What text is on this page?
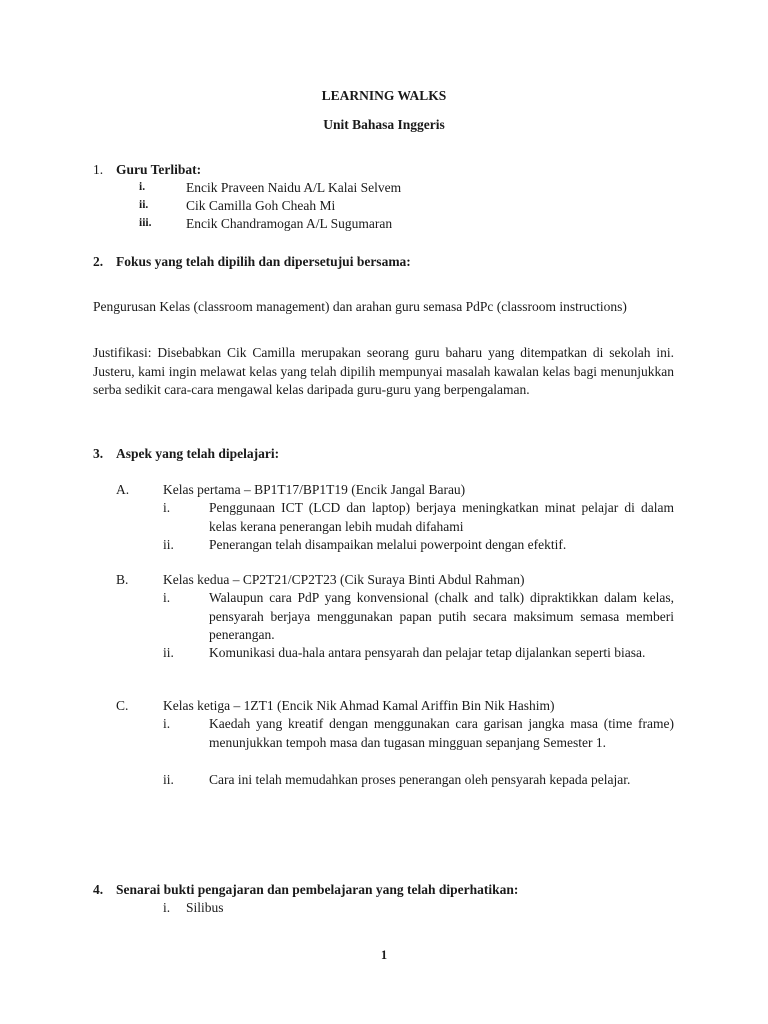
LEARNING WALKS
Unit Bahasa Inggeris
1. Guru Terlibat:
i.	Encik Praveen Naidu A/L Kalai Selvem
ii.	Cik Camilla Goh Cheah Mi
iii.	Encik Chandramogan A/L Sugumaran
2. Fokus yang telah dipilih dan dipersetujui bersama:
Pengurusan Kelas (classroom management) dan arahan guru semasa PdPc (classroom instructions)
Justifikasi: Disebabkan Cik Camilla merupakan seorang guru baharu yang ditempatkan di sekolah ini. Justeru, kami ingin melawat kelas yang telah dipilih mempunyai masalah kawalan kelas bagi menunjukkan serba sedikit cara-cara mengawal kelas daripada guru-guru yang berpengalaman.
3. Aspek yang telah dipelajari:
A.	Kelas pertama – BP1T17/BP1T19 (Encik Jangal Barau)
i.	Penggunaan ICT (LCD dan laptop) berjaya meningkatkan minat pelajar di dalam kelas kerana penerangan lebih mudah difahami
ii.	Penerangan telah disampaikan melalui powerpoint dengan efektif.
B.	Kelas kedua – CP2T21/CP2T23 (Cik Suraya Binti Abdul Rahman)
i.	Walaupun cara PdP yang konvensional (chalk and talk) dipraktikkan dalam kelas, pensyarah berjaya menggunakan papan putih secara maksimum semasa memberi penerangan.
ii.	Komunikasi dua-hala antara pensyarah dan pelajar tetap dijalankan seperti biasa.
C.	Kelas ketiga – 1ZT1 (Encik Nik Ahmad Kamal Ariffin Bin Nik Hashim)
i.	Kaedah yang kreatif dengan menggunakan cara garisan jangka masa (time frame) menunjukkan tempoh masa dan tugasan mingguan sepanjang Semester 1.
ii.	Cara ini telah memudahkan proses penerangan oleh pensyarah kepada pelajar.
4. Senarai bukti pengajaran dan pembelajaran yang telah diperhatikan:
i. Silibus
1
